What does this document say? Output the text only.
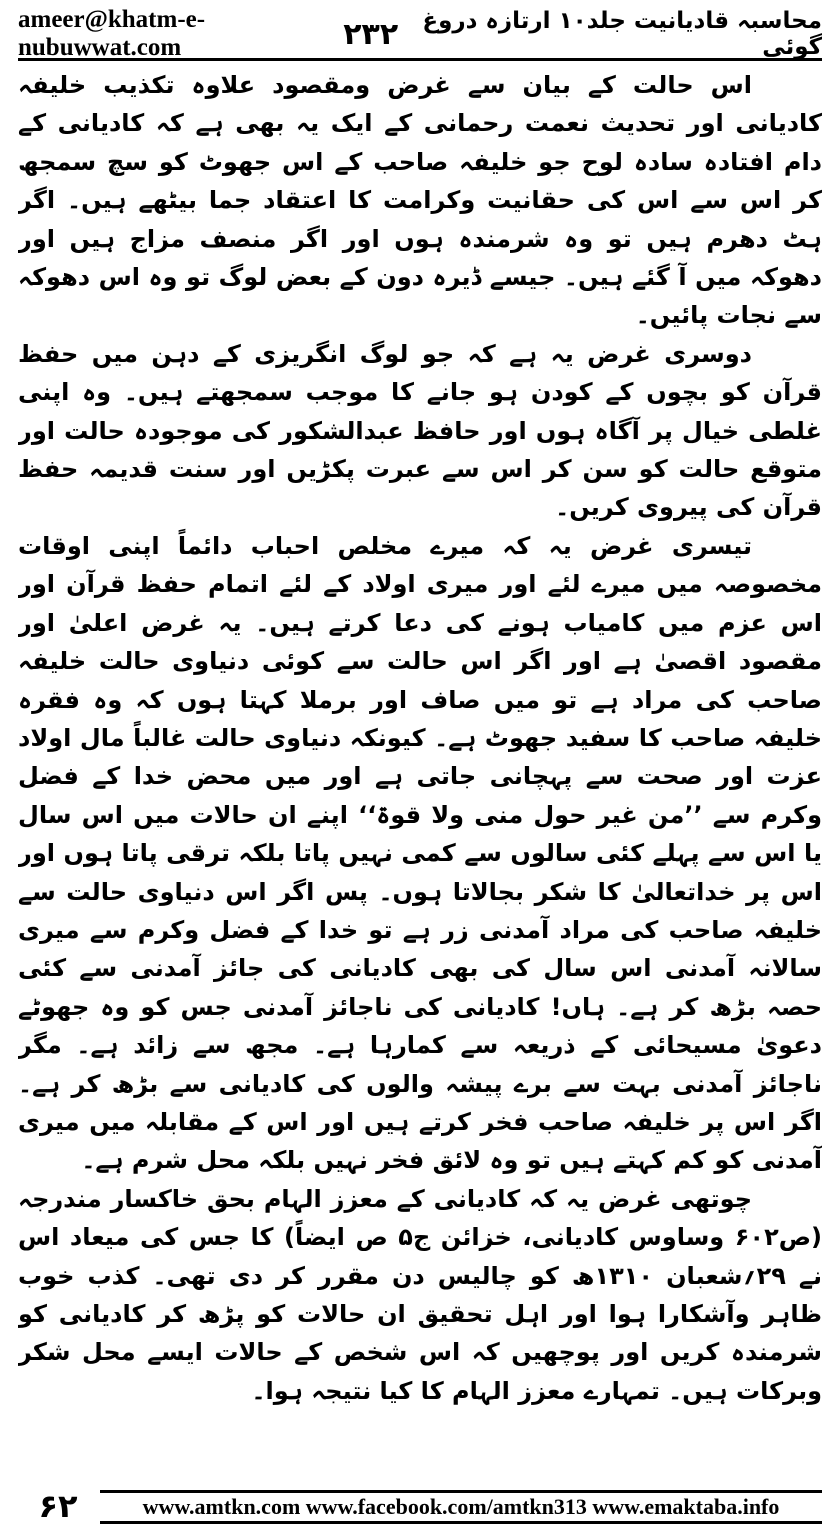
ameer@khatm-e-nubuwwat.com	۲۳۲	محاسبہ قادیانیت جلد۱۰ ارتازہ دروغ گوئی

اس حالت کے بیان سے غرض ومقصود علاوہ تکذیب خلیفہ کادیانی اور تحدیث نعمت رحمانی کے ایک یہ بھی ہے کہ کادیانی کے دام افتادہ سادہ لوح جو خلیفہ صاحب کے اس جھوٹ کو سچ سمجھ کر اس سے اس کی حقانیت وکرامت کا اعتقاد جما بیٹھے ہیں۔ اگر ہٹ دھرم ہیں تو وہ شرمندہ ہوں اور اگر منصف مزاج ہیں اور دھوکہ میں آ گئے ہیں۔ جیسے ڈیرہ دون کے بعض لوگ تو وہ اس دھوکہ سے نجات پائیں۔

دوسری غرض یہ ہے کہ جو لوگ انگریزی کے دہن میں حفظ قرآن کو بچوں کے کودن ہو جانے کا موجب سمجھتے ہیں۔ وہ اپنی غلطی خیال پر آگاہ ہوں اور حافظ عبدالشکور کی موجودہ حالت اور متوقع حالت کو سن کر اس سے عبرت پکڑیں اور سنت قدیمہ حفظ قرآن کی پیروی کریں۔

تیسری غرض یہ کہ میرے مخلص احباب دائماً اپنی اوقات مخصوصہ میں میرے لئے اور میری اولاد کے لئے اتمام حفظ قرآن اور اس عزم میں کامیاب ہونے کی دعا کرتے ہیں۔ یہ غرض اعلیٰ اور مقصود اقصیٰ ہے اور اگر اس حالت سے کوئی دنیاوی حالت خلیفہ صاحب کی مراد ہے تو میں صاف اور برملا کہتا ہوں کہ وہ فقرہ خلیفہ صاحب کا سفید جھوٹ ہے۔ کیونکہ دنیاوی حالت غالباً مال اولاد عزت اور صحت سے پہچانی جاتی ہے اور میں محض خدا کے فضل وکرم سے ’’من غیر حول منی ولا قوۃ‘‘ اپنے ان حالات میں اس سال یا اس سے پہلے کئی سالوں سے کمی نہیں پاتا بلکہ ترقی پاتا ہوں اور اس پر خداتعالیٰ کا شکر بجالاتا ہوں۔ پس اگر اس دنیاوی حالت سے خلیفہ صاحب کی مراد آمدنی زر ہے تو خدا کے فضل وکرم سے میری سالانہ آمدنی اس سال کی بھی کادیانی کی جائز آمدنی سے کئی حصہ بڑھ کر ہے۔ ہاں! کادیانی کی ناجائز آمدنی جس کو وہ جھوٹے دعویٰ مسیحائی کے ذریعہ سے کمارہا ہے۔ مجھ سے زائد ہے۔ مگر ناجائز آمدنی بہت سے برے پیشہ والوں کی کادیانی سے بڑھ کر ہے۔ اگر اس پر خلیفہ صاحب فخر کرتے ہیں اور اس کے مقابلہ میں میری آمدنی کو کم کہتے ہیں تو وہ لائق فخر نہیں بلکہ محل شرم ہے۔

چوتھی غرض یہ کہ کادیانی کے معزز الہام بحق خاکسار مندرجہ (ص۶۰۲ وساوس کادیانی، خزائن ج۵ ص ایضاً) کا جس کی میعاد اس نے ۲۹؍شعبان ۱۳۱۰ھ کو چالیس دن مقرر کر دی تھی۔ کذب خوب ظاہر وآشکارا ہوا اور اہل تحقیق ان حالات کو پڑھ کر کادیانی کو شرمندہ کریں اور پوچھیں کہ اس شخص کے حالات ایسے محل شکر وبرکات ہیں۔ تمہارے معزز الہام کا کیا نتیجہ ہوا۔

۶۲	www.amtkn.com www.facebook.com/amtkn313 www.emaktaba.info
